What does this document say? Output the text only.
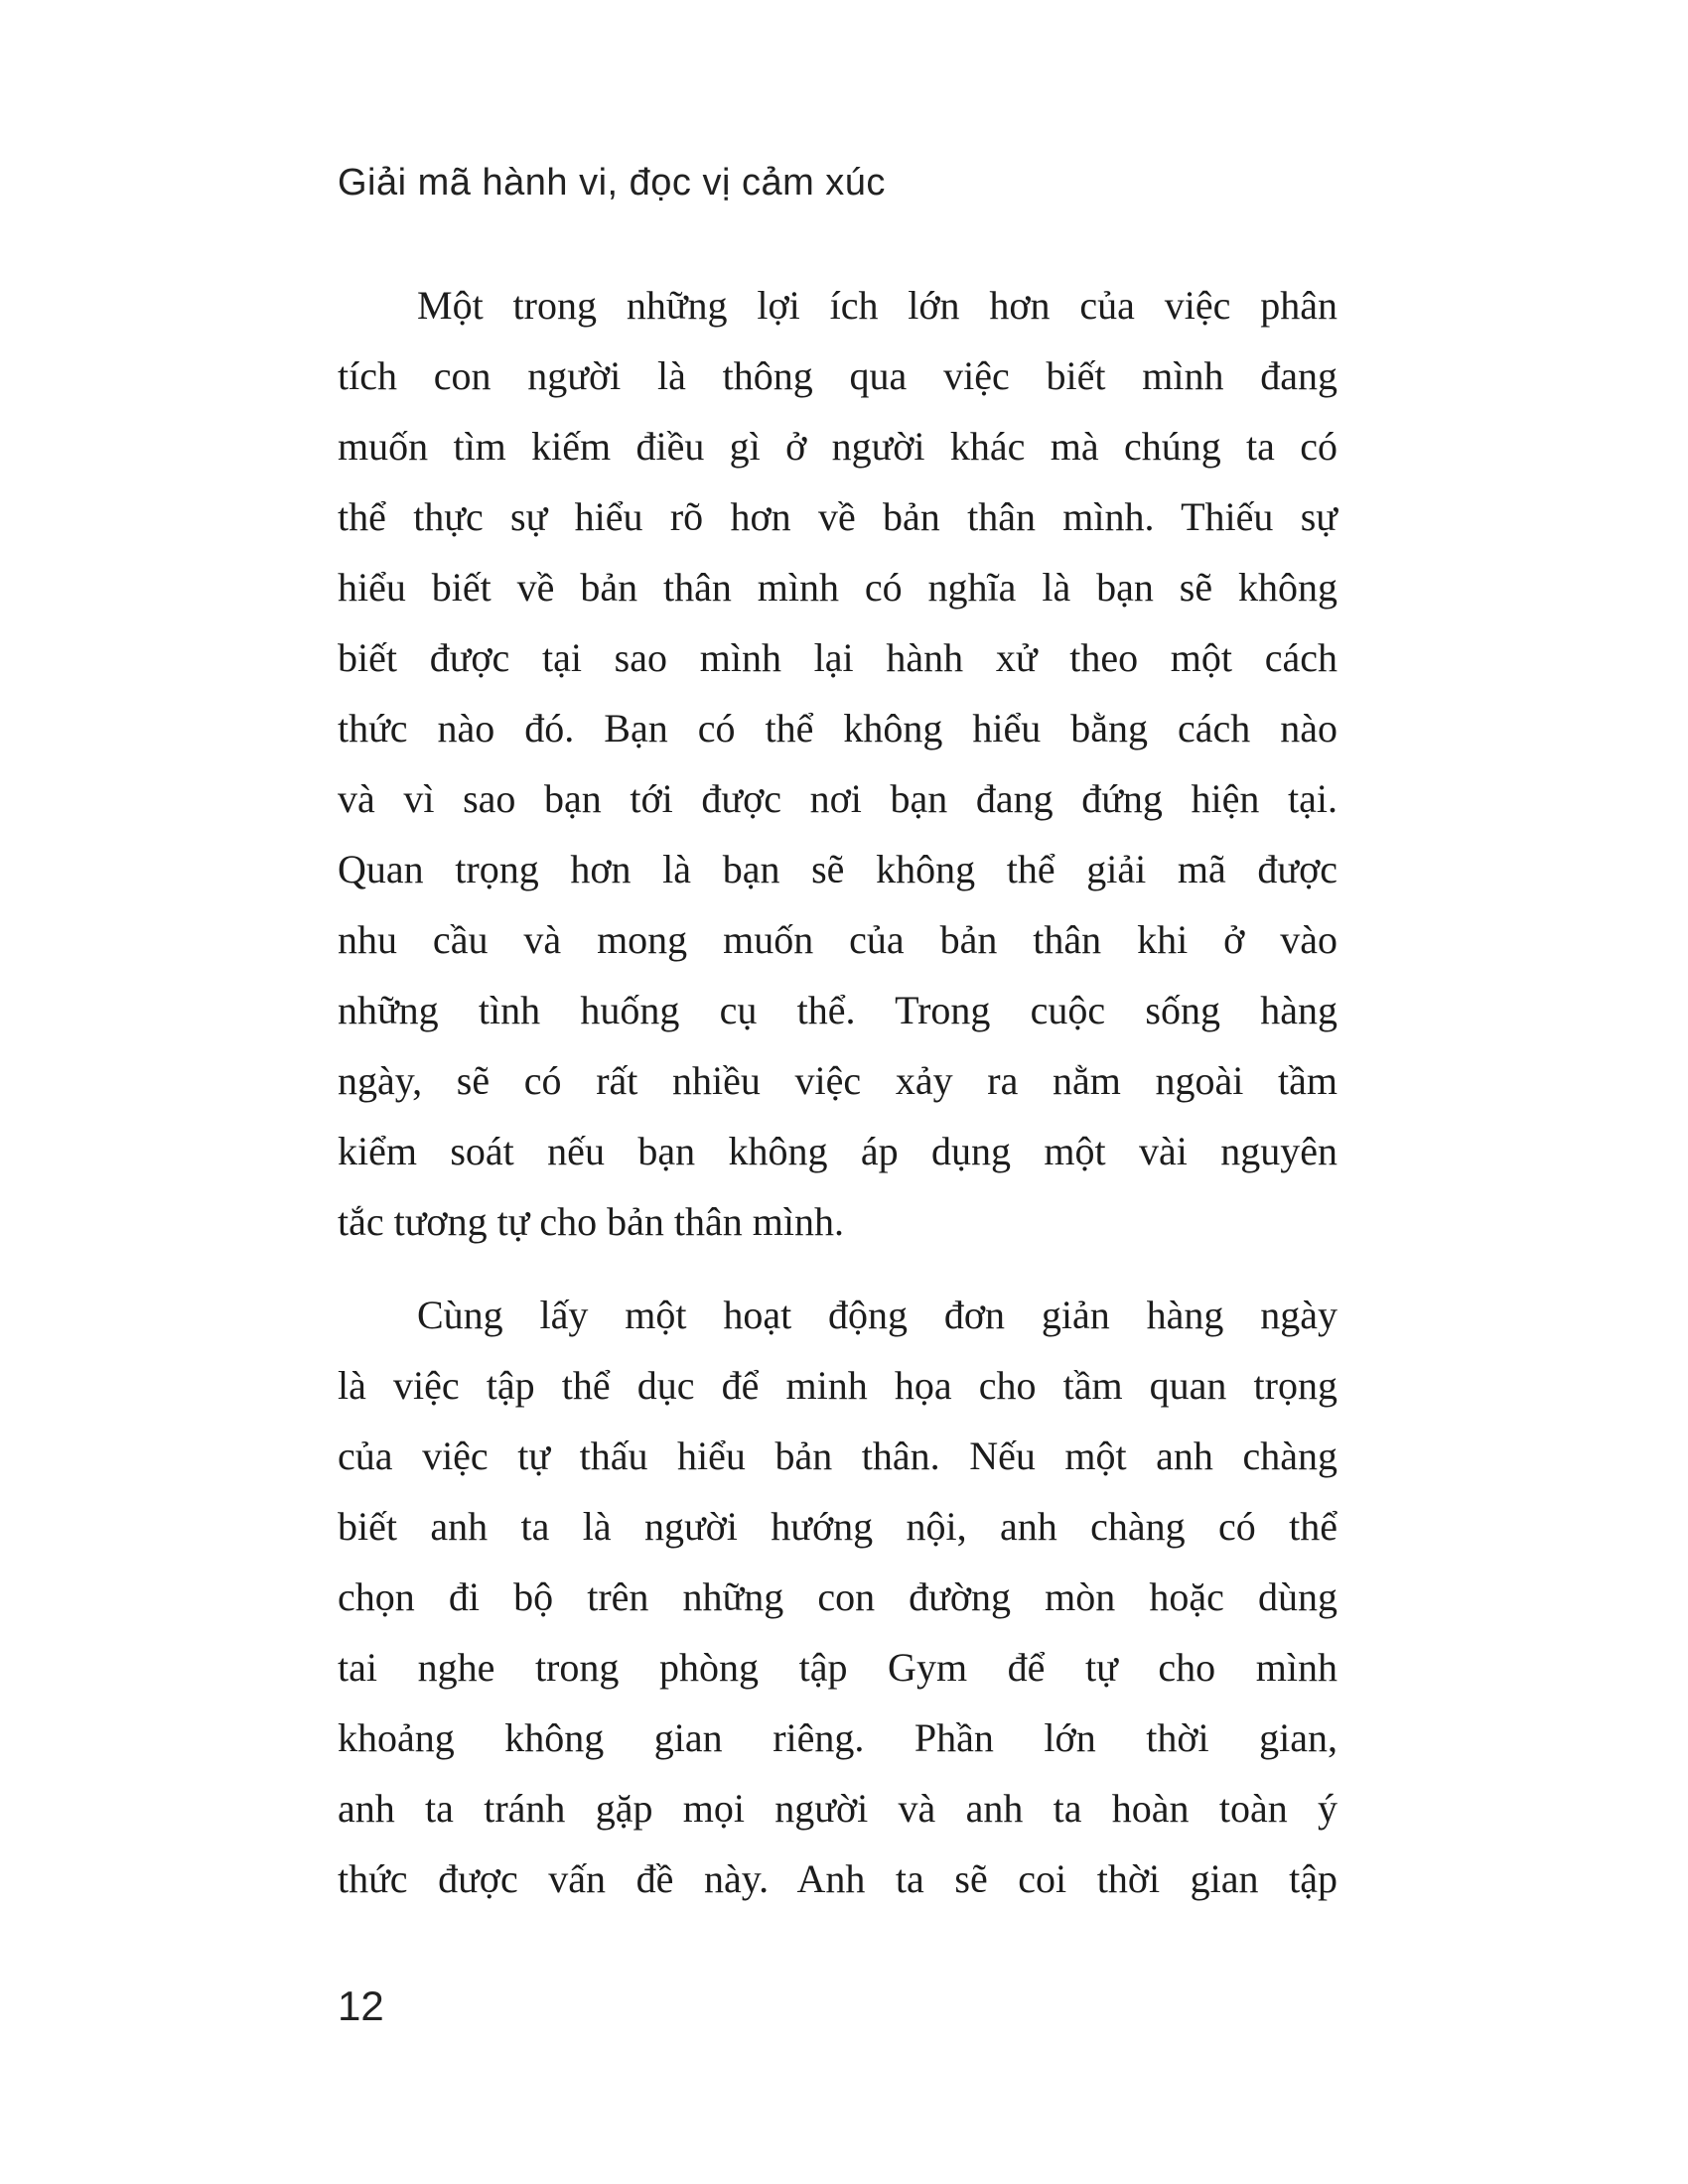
Giải mã hành vi, đọc vị cảm xúc
Một trong những lợi ích lớn hơn của việc phân
tích con người là thông qua việc biết mình đang
muốn tìm kiếm điều gì ở người khác mà chúng ta có
thể thực sự hiểu rõ hơn về bản thân mình. Thiếu sự
hiểu biết về bản thân mình có nghĩa là bạn sẽ không
biết được tại sao mình lại hành xử theo một cách
thức nào đó. Bạn có thể không hiểu bằng cách nào
và vì sao bạn tới được nơi bạn đang đứng hiện tại.
Quan trọng hơn là bạn sẽ không thể giải mã được
nhu cầu và mong muốn của bản thân khi ở vào
những tình huống cụ thể. Trong cuộc sống hàng
ngày, sẽ có rất nhiều việc xảy ra nằm ngoài tầm
kiểm soát nếu bạn không áp dụng một vài nguyên
tắc tương tự cho bản thân mình.
Cùng lấy một hoạt động đơn giản hàng ngày
là việc tập thể dục để minh họa cho tầm quan trọng
của việc tự thấu hiểu bản thân. Nếu một anh chàng
biết anh ta là người hướng nội, anh chàng có thể
chọn đi bộ trên những con đường mòn hoặc dùng
tai nghe trong phòng tập Gym để tự cho mình
khoảng không gian riêng. Phần lớn thời gian,
anh ta tránh gặp mọi người và anh ta hoàn toàn ý
thức được vấn đề này. Anh ta sẽ coi thời gian tập
12
